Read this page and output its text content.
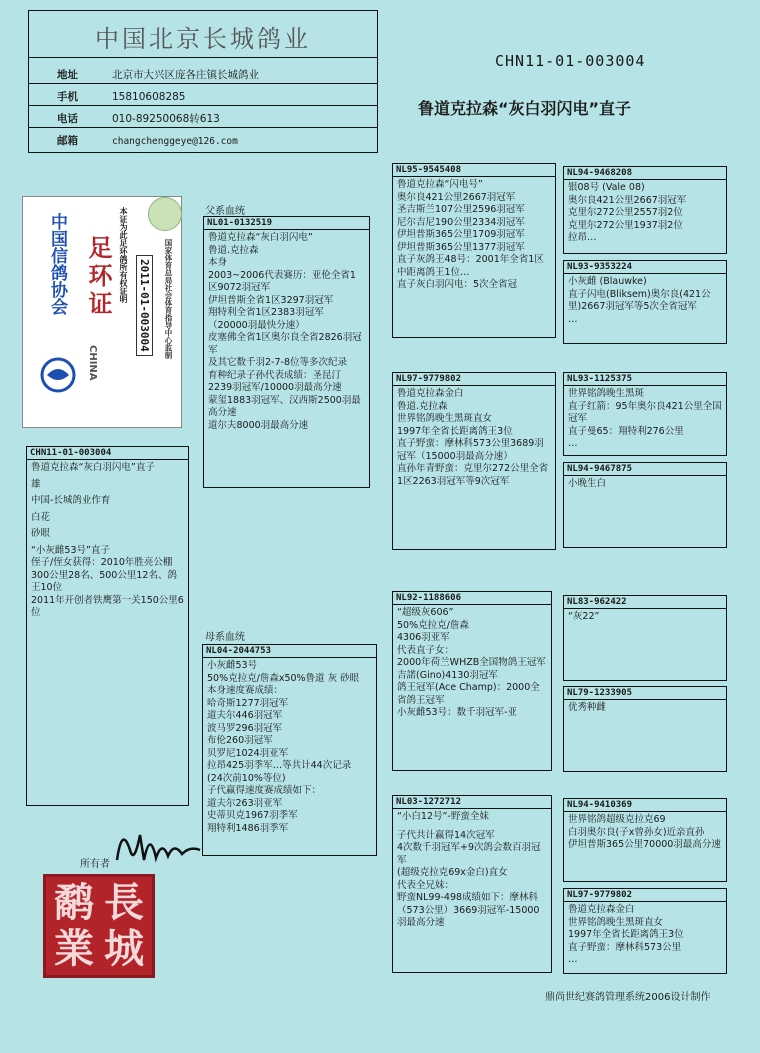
中国北京长城鸽业
地址	北京市大兴区庞各庄镇长城鸽业
手机	15810608285
电话	010-89250068转613
邮箱	changchenggeye@126.com
CHN11-01-003004
鲁道克拉森“灰白羽闪电”直子
中国信鸽协会 足环证 本证为此足环鸽所有权证明
2011-01-003004
CHINA
国家体育总局社会体育指导中心监制
父系血统
母系血统
CHN11-01-003004
鲁道克拉森“灰白羽闪电”直子
雄
中国-长城鸽业作育
白花
砂眼
“小灰雌53号”直子
侄子/侄女获得：2010年胜亮公棚300公里28名、500公里12名、鸽王10位
2011年开创者铁鹰第一关150公里6位
NL01-0132519
鲁道克拉森“灰白羽闪电”
鲁道.克拉森
本身
2003~2006代表赛历：亚伦全省1区9072羽冠军
伊坦普斯全省1区3297羽冠军
翔特利全省1区2383羽冠军
（20000羽最快分速）
皮塞佛全省1区奥尔良全省2826羽冠军
及其它数千羽2-7-8位等多次纪录
育种纪录子孙代表成绩：圣昆汀2239羽冠军/10000羽最高分速
蒙玺1883羽冠军、汉西斯2500羽最高分速
道尔夫8000羽最高分速
NL04-2044753
小灰雌53号
50%克拉克/詹森x50%鲁道 灰 砂眼
本身速度赛成绩：
哈奇斯1277羽冠军
道夫尔446羽冠军
波马罗296羽冠军
布伦260羽冠军
贝罗尼1024羽亚军
拉昂425羽季军…等共计44次记录
(24次前10%等位)
子代赢得速度赛成绩如下：
道夫尔263羽亚军
史蒂贝克1967羽季军
翔特利1486羽季军
NL95-9545408
鲁道克拉森“闪电号”
奥尔良421公里2667羽冠军
圣吉斯兰107公里2596羽冠军
尼尔吉尼190公里2334羽冠军
伊坦普斯365公里1709羽冠军
伊坦普斯365公里1377羽冠军
直子灰鸽王48号：2001年全省1区中距离鸽王1位…
直子灰白羽闪电：5次全省冠
NL97-9779802
鲁道克拉森金白
鲁道.克拉森
世界铭鸽晚生黑斑直女
1997年全省长距离鸽王3位
直子野蛮：摩林科573公里3689羽冠军（15000羽最高分速）
直孙年青野蛮：克里尔272公里全省1区2263羽冠军等9次冠军
NL92-1188606
“超级灰606”
50%克拉克/詹森
4306羽亚军
代表直子女：
2000年荷兰WHZB全国物鸽王冠军
吉諾(Gino)4130羽冠军
鸽王冠军(Ace Champ)：2000全省鸽王冠军
小灰雌53号：数千羽冠军-亚
NL03-1272712
“小白12号”-野蛮全妹
子代共计赢得14次冠军
4次数千羽冠军+9次鸽会数百羽冠军
(超级克拉克69x金白)直女
代表全兄妹：
野蛮NL99-498成绩如下：摩林科（573公里）3669羽冠军-15000羽最高分速
NL94-9468208
银08号 (Vale 08)
奥尔良421公里2667羽冠军
克里尔272公里2557羽2位
克里尔272公里1937羽2位
拉昂…
NL93-9353224
小灰雌 (Blauwke)
直子闪电(Bliksem)奥尔良(421公里)2667羽冠军等5次全省冠军
…
NL93-1125375
世界铭鸽晚生黑斑
直子红箭：95年奥尔良421公里全国冠军
直子曼65：翔特利276公里
…
NL94-9467875
小晚生白
NL83-962422
“灰22”
NL79-1233905
优秀种雌
NL94-9410369
世界铭鸽超级克拉克69
白羽奥尔良(子x曾孙女)近亲直孙
伊坦普斯365公里70000羽最高分速
NL97-9779802
鲁道克拉森金白
世界铭鸽晚生黑斑直女
1997年全省长距离鸽王3位
直子野蛮：摩林科573公里
…
所有者
鹬 長
業 城
鼎尚世纪赛鸽管理系统2006设计制作
